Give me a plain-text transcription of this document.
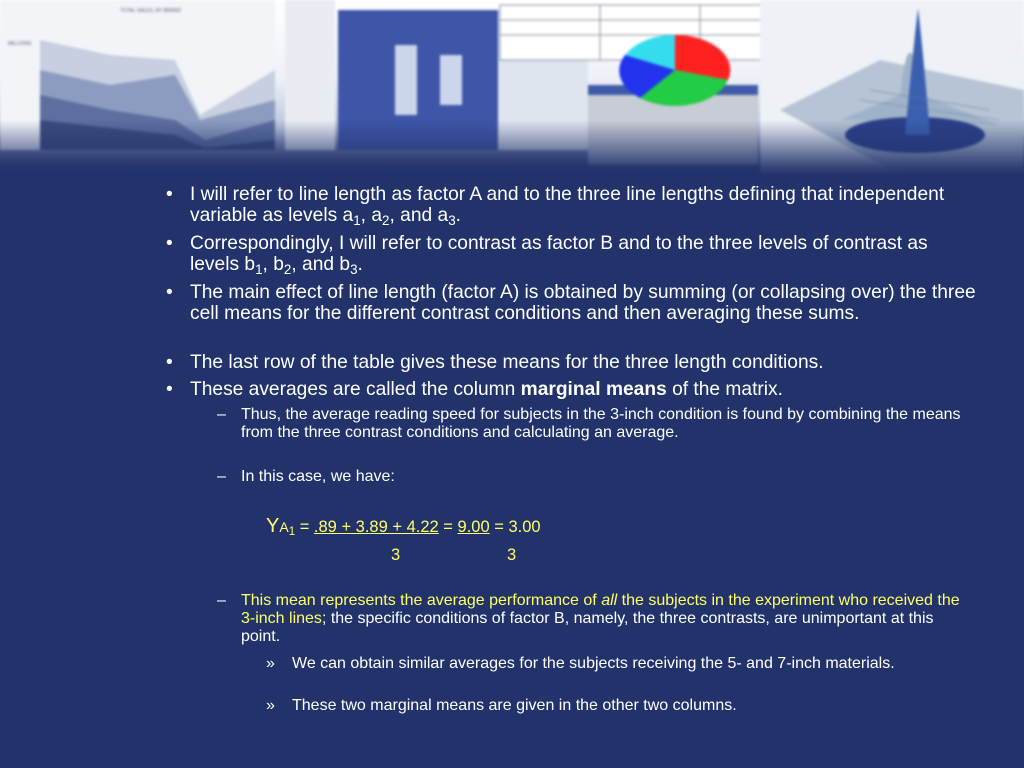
TOTAL SALES, BY BRAND
MILLIONS
• I will refer to line length as factor A and to the three line lengths defining that independent variable as levels $a_1$, $a_2$, and $a_3$.
• Correspondingly, I will refer to contrast as factor B and to the three levels of contrast as levels $b_1$, $b_2$, and $b_3$.
• The main effect of line length (factor A) is obtained by summing (or collapsing over) the three cell means for the different contrast conditions and then averaging these sums.
• The last row of the table gives these means for the three length conditions.
• These averages are called the column marginal means of the matrix.
– Thus, the average reading speed for subjects in the 3-inch condition is found by combining the means from the three contrast conditions and calculating an average.
– In this case, we have:
$YA_1 = .89 + 3.89 + 4.22 = 9.00 = 3.00$
3	3
– This mean represents the average performance of all the subjects in the experiment who received the 3-inch lines; the specific conditions of factor B, namely, the three contrasts, are unimportant at this point.
» We can obtain similar averages for the subjects receiving the 5- and 7-inch materials.
» These two marginal means are given in the other two columns.
